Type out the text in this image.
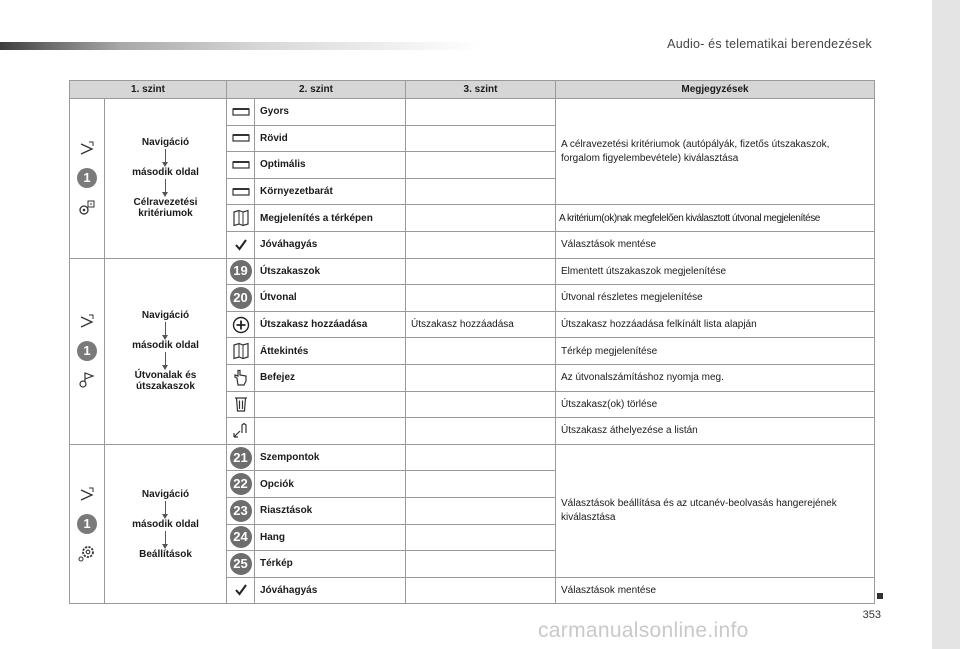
Audio- és telematikai berendezések
1. szint		2. szint		3. szint	Megjegyzések

1	Navigáció
második oldal
Célravezetési kritériumok		Gyors		A célravezetési kritériumok (autópályák, fizetős útszakaszok, forgalom figyelembevétele) kiválasztása

	Rövid		

	Optimális		

	Környezetbarát		

	Megjelenítés a térképen		A kritérium(ok)nak megfelelően kiválasztott útvonal megjelenítése

	Jóváhagyás		Választások mentése

1	Navigáció
második oldal
Útvonalak és útszakaszok	19	Útszakaszok		Elmentett útszakaszok megjelenítése
		20	Útvonal		Útvonal részletes megjelenítése

	Útszakasz hozzáadása	Útszakasz hozzáadása	Útszakasz hozzáadása felkínált lista alapján

	Áttekintés		Térkép megjelenítése

	Befejez		Az útvonalszámításhoz nyomja meg.

			Útszakasz(ok) törlése

			Útszakasz áthelyezése a listán

1	Navigáció
második oldal
Beállítások	21	Szempontok		Választások beállítása és az utcanév-beolvasás hangerejének kiválasztása
		22	Opciók		
		23	Riasztások		
		24	Hang		
		25	Térkép		

	Jóváhagyás		Választások mentése
353
carmanualsonline.info
